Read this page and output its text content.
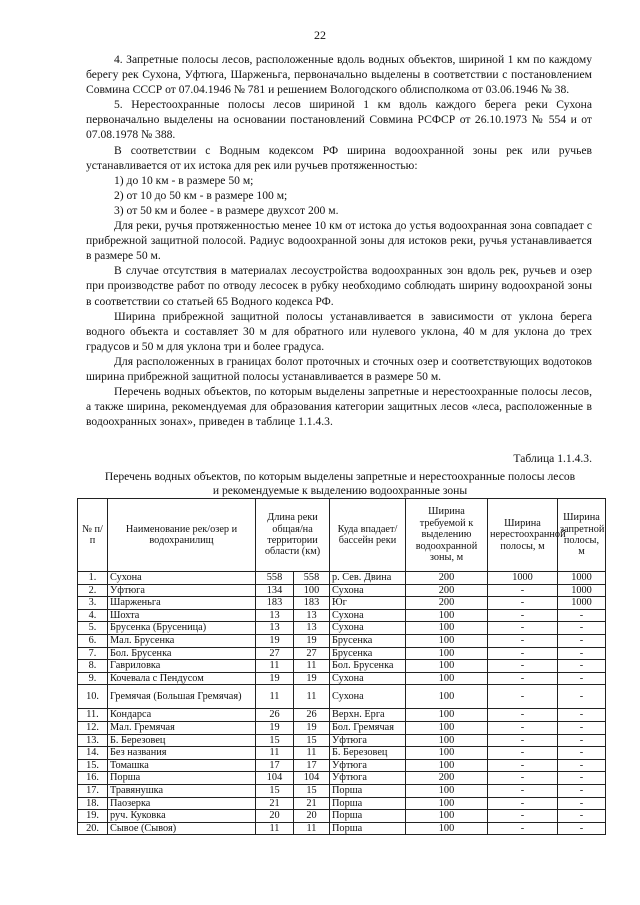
22

4. Запретные полосы лесов, расположенные вдоль водных объектов, шириной 1 км по каждому берегу рек Сухона, Уфтюга, Шарженьга, первоначально выделены в соответствии с постановлением Совмина СССР от 07.04.1946 № 781 и решением Вологодского облисполкома от 03.06.1946 № 38.

5. Нерестоохранные полосы лесов шириной 1 км вдоль каждого берега реки Сухона первоначально выделены на основании постановлений Совмина РСФСР от 26.10.1973 № 554 и от 07.08.1978 № 388.

В соответствии с Водным кодексом РФ ширина водоохранной зоны рек или ручьев устанавливается от их истока для рек или ручьев протяженностью:

1) до 10 км - в размере 50 м;

2) от 10 до 50 км - в размере 100 м;

3) от 50 км и более - в размере двухсот 200 м.

Для реки, ручья протяженностью менее 10 км от истока до устья водоохранная зона совпадает с прибрежной защитной полосой. Радиус водоохранной зоны для истоков реки, ручья устанавливается в размере 50 м.

В случае отсутствия в материалах лесоустройства водоохранных зон вдоль рек, ручьев и озер при производстве работ по отводу лесосек в рубку необходимо соблюдать ширину водоохраной зоны в соответствии со статьей 65 Водного кодекса РФ.

Ширина прибрежной защитной полосы устанавливается в зависимости от уклона берега водного объекта и составляет 30 м для обратного или нулевого уклона, 40 м для уклона до трех градусов и 50 м для уклона три и более градуса.

Для расположенных в границах болот проточных и сточных озер и соответствующих водотоков ширина прибрежной защитной полосы устанавливается в размере 50 м.

Перечень водных объектов, по которым выделены запретные и нерестоохранные полосы лесов, а также ширина, рекомендуемая для образования категории защитных лесов «леса, расположенные в водоохранных зонах», приведен в таблице 1.1.4.3.

Таблица 1.1.4.3.
Перечень водных объектов, по которым выделены запретные и нерестоохранные полосы лесов
и рекомендуемые к выделению водоохранные зоны
№ п/п	Наименование рек/озер и водохранилищ	Длина реки общая/на территории области (км)		Куда впадает/бассейн реки	Ширина требуемой к выделению водоохранной зоны, м	Ширина нерестоохранной полосы, м	Ширина запретной полосы, м
1.	Сухона	558	558	р. Сев. Двина	200	1000	1000
2.	Уфтюга	134	100	Сухона	200	-	1000
3.	Шарженьга	183	183	Юг	200	-	1000
4.	Шохта	13	13	Сухона	100	-	-
5.	Брусенка (Брусеница)	13	13	Сухона	100	-	-
6.	Мал. Брусенка	19	19	Брусенка	100	-	-
7.	Бол. Брусенка	27	27	Брусенка	100	-	-
8.	Гавриловка	11	11	Бол. Брусенка	100	-	-
9.	Кочевала с Пендусом	19	19	Сухона	100	-	-
10.	Гремячая (Большая Гремячая)	11	11	Сухона	100	-	-
11.	Кондарса	26	26	Верхн. Ерга	100	-	-
12.	Мал. Гремячая	19	19	Бол. Гремячая	100	-	-
13.	Б. Березовец	15	15	Уфтюга	100	-	-
14.	Без названия	11	11	Б. Березовец	100	-	-
15.	Томашка	17	17	Уфтюга	100	-	-
16.	Порша	104	104	Уфтюга	200	-	-
17.	Травянушка	15	15	Порша	100	-	-
18.	Паозерка	21	21	Порша	100	-	-
19.	руч. Куковка	20	20	Порша	100	-	-
20.	Сывое (Сывоя)	11	11	Порша	100	-	-
